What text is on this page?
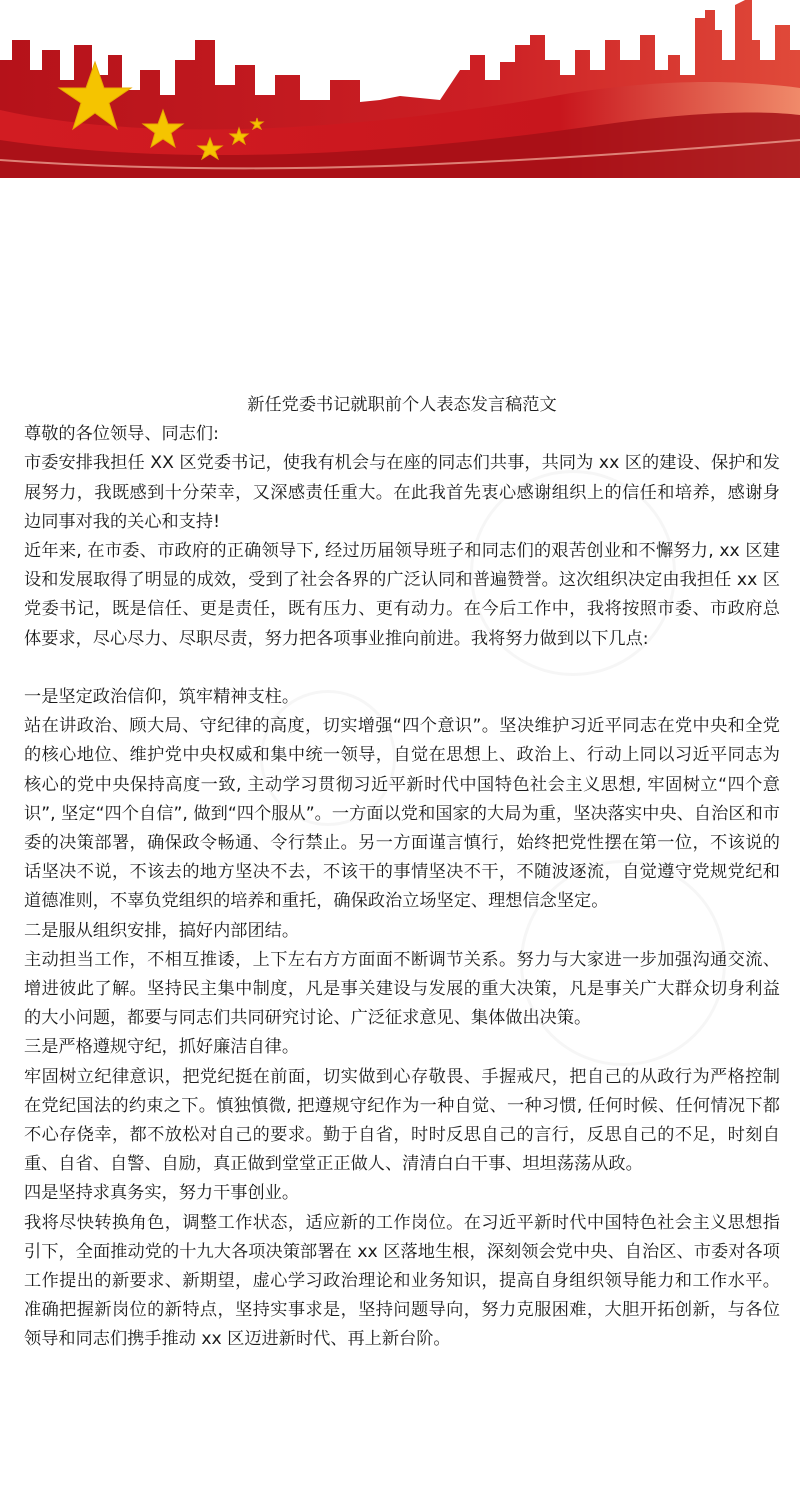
新任党委书记就职前个人表态发言稿范文

尊敬的各位领导、同志们:

市委安排我担任 XX 区党委书记，使我有机会与在座的同志们共事，共同为 xx 区的建设、保护和发展努力，我既感到十分荣幸，又深感责任重大。在此我首先衷心感谢组织上的信任和培养，感谢身边同事对我的关心和支持!

近年来, 在市委、市政府的正确领导下, 经过历届领导班子和同志们的艰苦创业和不懈努力, xx 区建设和发展取得了明显的成效，受到了社会各界的广泛认同和普遍赞誉。这次组织决定由我担任 xx 区党委书记，既是信任、更是责任，既有压力、更有动力。在今后工作中，我将按照市委、市政府总体要求，尽心尽力、尽职尽责，努力把各项事业推向前进。我将努力做到以下几点:

一是坚定政治信仰，筑牢精神支柱。

站在讲政治、顾大局、守纪律的高度，切实增强“四个意识”。坚决维护习近平同志在党中央和全党的核心地位、维护党中央权威和集中统一领导，自觉在思想上、政治上、行动上同以习近平同志为核心的党中央保持高度一致, 主动学习贯彻习近平新时代中国特色社会主义思想, 牢固树立“四个意识”, 坚定“四个自信”, 做到“四个服从”。一方面以党和国家的大局为重，坚决落实中央、自治区和市委的决策部署，确保政令畅通、令行禁止。另一方面谨言慎行，始终把党性摆在第一位，不该说的话坚决不说，不该去的地方坚决不去，不该干的事情坚决不干，不随波逐流，自觉遵守党规党纪和道德准则，不辜负党组织的培养和重托，确保政治立场坚定、理想信念坚定。

二是服从组织安排，搞好内部团结。

主动担当工作，不相互推诿，上下左右方方面面不断调节关系。努力与大家进一步加强沟通交流、增进彼此了解。坚持民主集中制度，凡是事关建设与发展的重大决策，凡是事关广大群众切身利益的大小问题，都要与同志们共同研究讨论、广泛征求意见、集体做出决策。

三是严格遵规守纪，抓好廉洁自律。

牢固树立纪律意识，把党纪挺在前面，切实做到心存敬畏、手握戒尺，把自己的从政行为严格控制在党纪国法的约束之下。慎独慎微, 把遵规守纪作为一种自觉、一种习惯, 任何时候、任何情况下都不心存侥幸，都不放松对自己的要求。勤于自省，时时反思自己的言行，反思自己的不足，时刻自重、自省、自警、自励，真正做到堂堂正正做人、清清白白干事、坦坦荡荡从政。

四是坚持求真务实，努力干事创业。

我将尽快转换角色，调整工作状态，适应新的工作岗位。在习近平新时代中国特色社会主义思想指引下，全面推动党的十九大各项决策部署在 xx 区落地生根，深刻领会党中央、自治区、市委对各项工作提出的新要求、新期望，虚心学习政治理论和业务知识，提高自身组织领导能力和工作水平。准确把握新岗位的新特点，坚持实事求是，坚持问题导向，努力克服困难，大胆开拓创新，与各位领导和同志们携手推动 xx 区迈进新时代、再上新台阶。
